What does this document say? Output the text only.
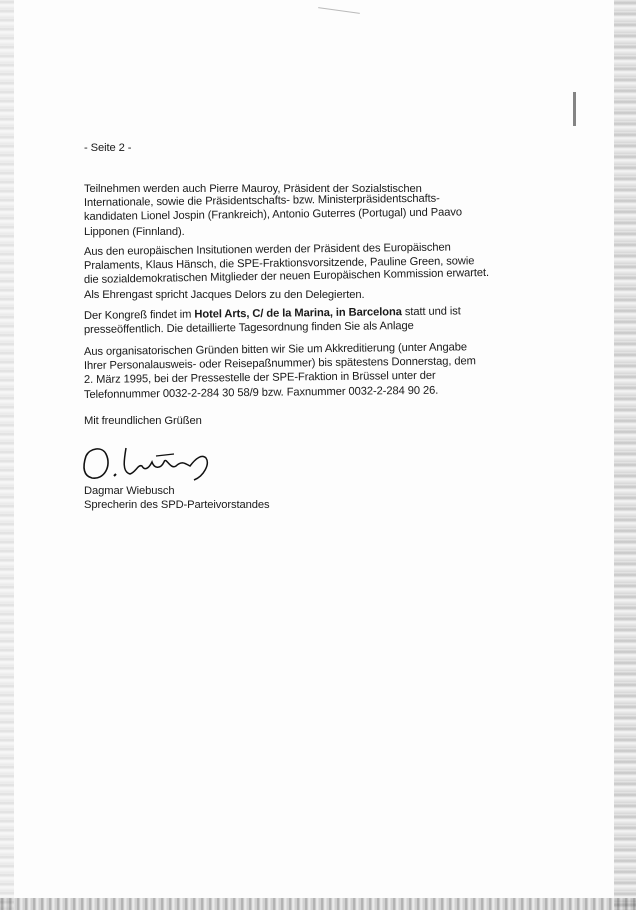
- Seite 2 -
Teilnehmen werden auch Pierre Mauroy, Präsident der Sozialstischen
Internationale, sowie die Präsidentschafts- bzw. Ministerpräsidentschafts-
kandidaten Lionel Jospin (Frankreich), Antonio Guterres (Portugal) und Paavo
Lipponen (Finnland).
Aus den europäischen Insitutionen werden der Präsident des Europäischen
Pralaments, Klaus Hänsch, die SPE-Fraktionsvorsitzende, Pauline Green, sowie
die sozialdemokratischen Mitglieder der neuen Europäischen Kommission erwartet.
Als Ehrengast spricht Jacques Delors zu den Delegierten.
Der Kongreß findet im Hotel Arts, C/ de la Marina, in Barcelona statt und ist
presseöffentlich. Die detaillierte Tagesordnung finden Sie als Anlage
Aus organisatorischen Gründen bitten wir Sie um Akkreditierung (unter Angabe
Ihrer Personalausweis- oder Reisepaßnummer) bis spätestens Donnerstag, dem
2. März 1995, bei der Pressestelle der SPE-Fraktion in Brüssel unter der
Telefonnummer 0032-2-284 30 58/9 bzw. Faxnummer 0032-2-284 90 26.
Mit freundlichen Grüßen
Dagmar Wiebusch
Sprecherin des SPD-Parteivorstandes
